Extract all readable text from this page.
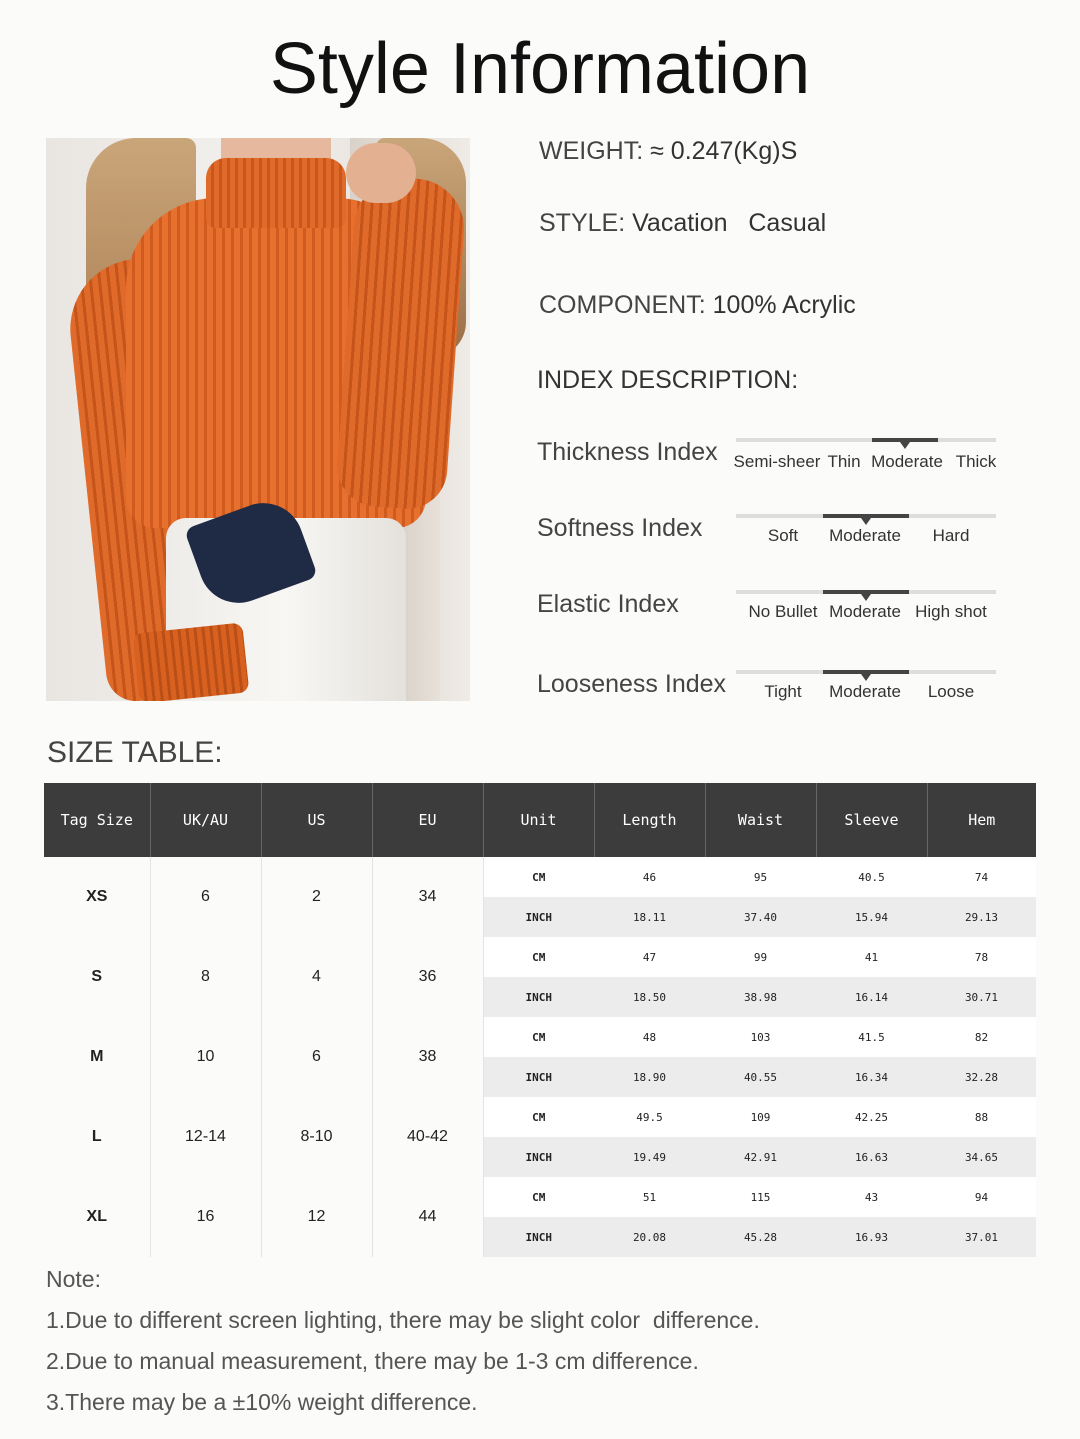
Style Information
WEIGHT: ≈ 0.247(Kg)S
STYLE: Vacation   Casual
COMPONENT: 100% Acrylic
INDEX DESCRIPTION:
Thickness Index Semi-sheer Thin Moderate Thick
Softness Index	Soft Moderate Hard
Elastic Index	No Bullet Moderate High shot
Looseness Index Tight Moderate Loose
SIZE TABLE:
Tag Size	UK/AU	US	EU	Unit	Length	Waist	Sleeve	Hem
XS	6	2	34	CM	46	95	40.5	74
				INCH	18.11	37.40	15.94	29.13
S	8	4	36	CM	47	99	41	78
				INCH	18.50	38.98	16.14	30.71
M	10	6	38	CM	48	103	41.5	82
				INCH	18.90	40.55	16.34	32.28
L	12-14	8-10	40-42	CM	49.5	109	42.25	88
				INCH	19.49	42.91	16.63	34.65
XL	16	12	44	CM	51	115	43	94
				INCH	20.08	45.28	16.93	37.01
Note:
1.Due to different screen lighting, there may be slight color  difference.
2.Due to manual measurement, there may be 1-3 cm difference.
3.There may be a ±10% weight difference.
